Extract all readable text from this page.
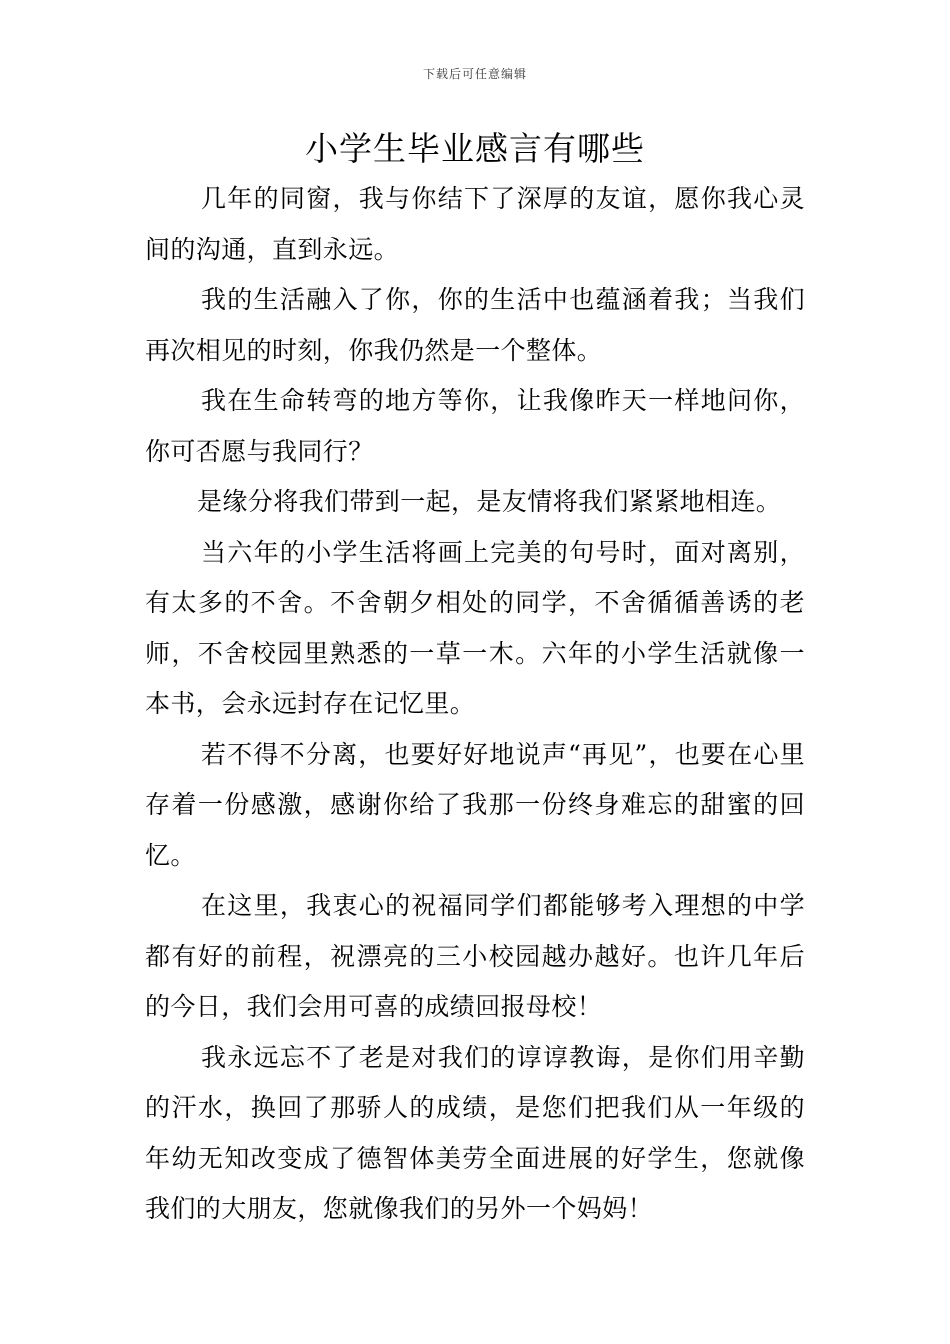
下载后可任意编辑
小学生毕业感言有哪些

几年的同窗，我与你结下了深厚的友谊，愿你我心灵间的沟通，直到永远。

我的生活融入了你，你的生活中也蕴涵着我；当我们再次相见的时刻，你我仍然是一个整体。

我在生命转弯的地方等你，让我像昨天一样地问你，你可否愿与我同行？

是缘分将我们带到一起，是友情将我们紧紧地相连。

当六年的小学生活将画上完美的句号时，面对离别，有太多的不舍。不舍朝夕相处的同学，不舍循循善诱的老师，不舍校园里熟悉的一草一木。六年的小学生活就像一本书，会永远封存在记忆里。

若不得不分离，也要好好地说声“再见”，也要在心里存着一份感激，感谢你给了我那一份终身难忘的甜蜜的回忆。

在这里，我衷心的祝福同学们都能够考入理想的中学都有好的前程，祝漂亮的三小校园越办越好。也许几年后的今日，我们会用可喜的成绩回报母校！

我永远忘不了老是对我们的谆谆教诲，是你们用辛勤的汗水，换回了那骄人的成绩，是您们把我们从一年级的年幼无知改变成了德智体美劳全面进展的好学生，您就像我们的大朋友，您就像我们的另外一个妈妈！
